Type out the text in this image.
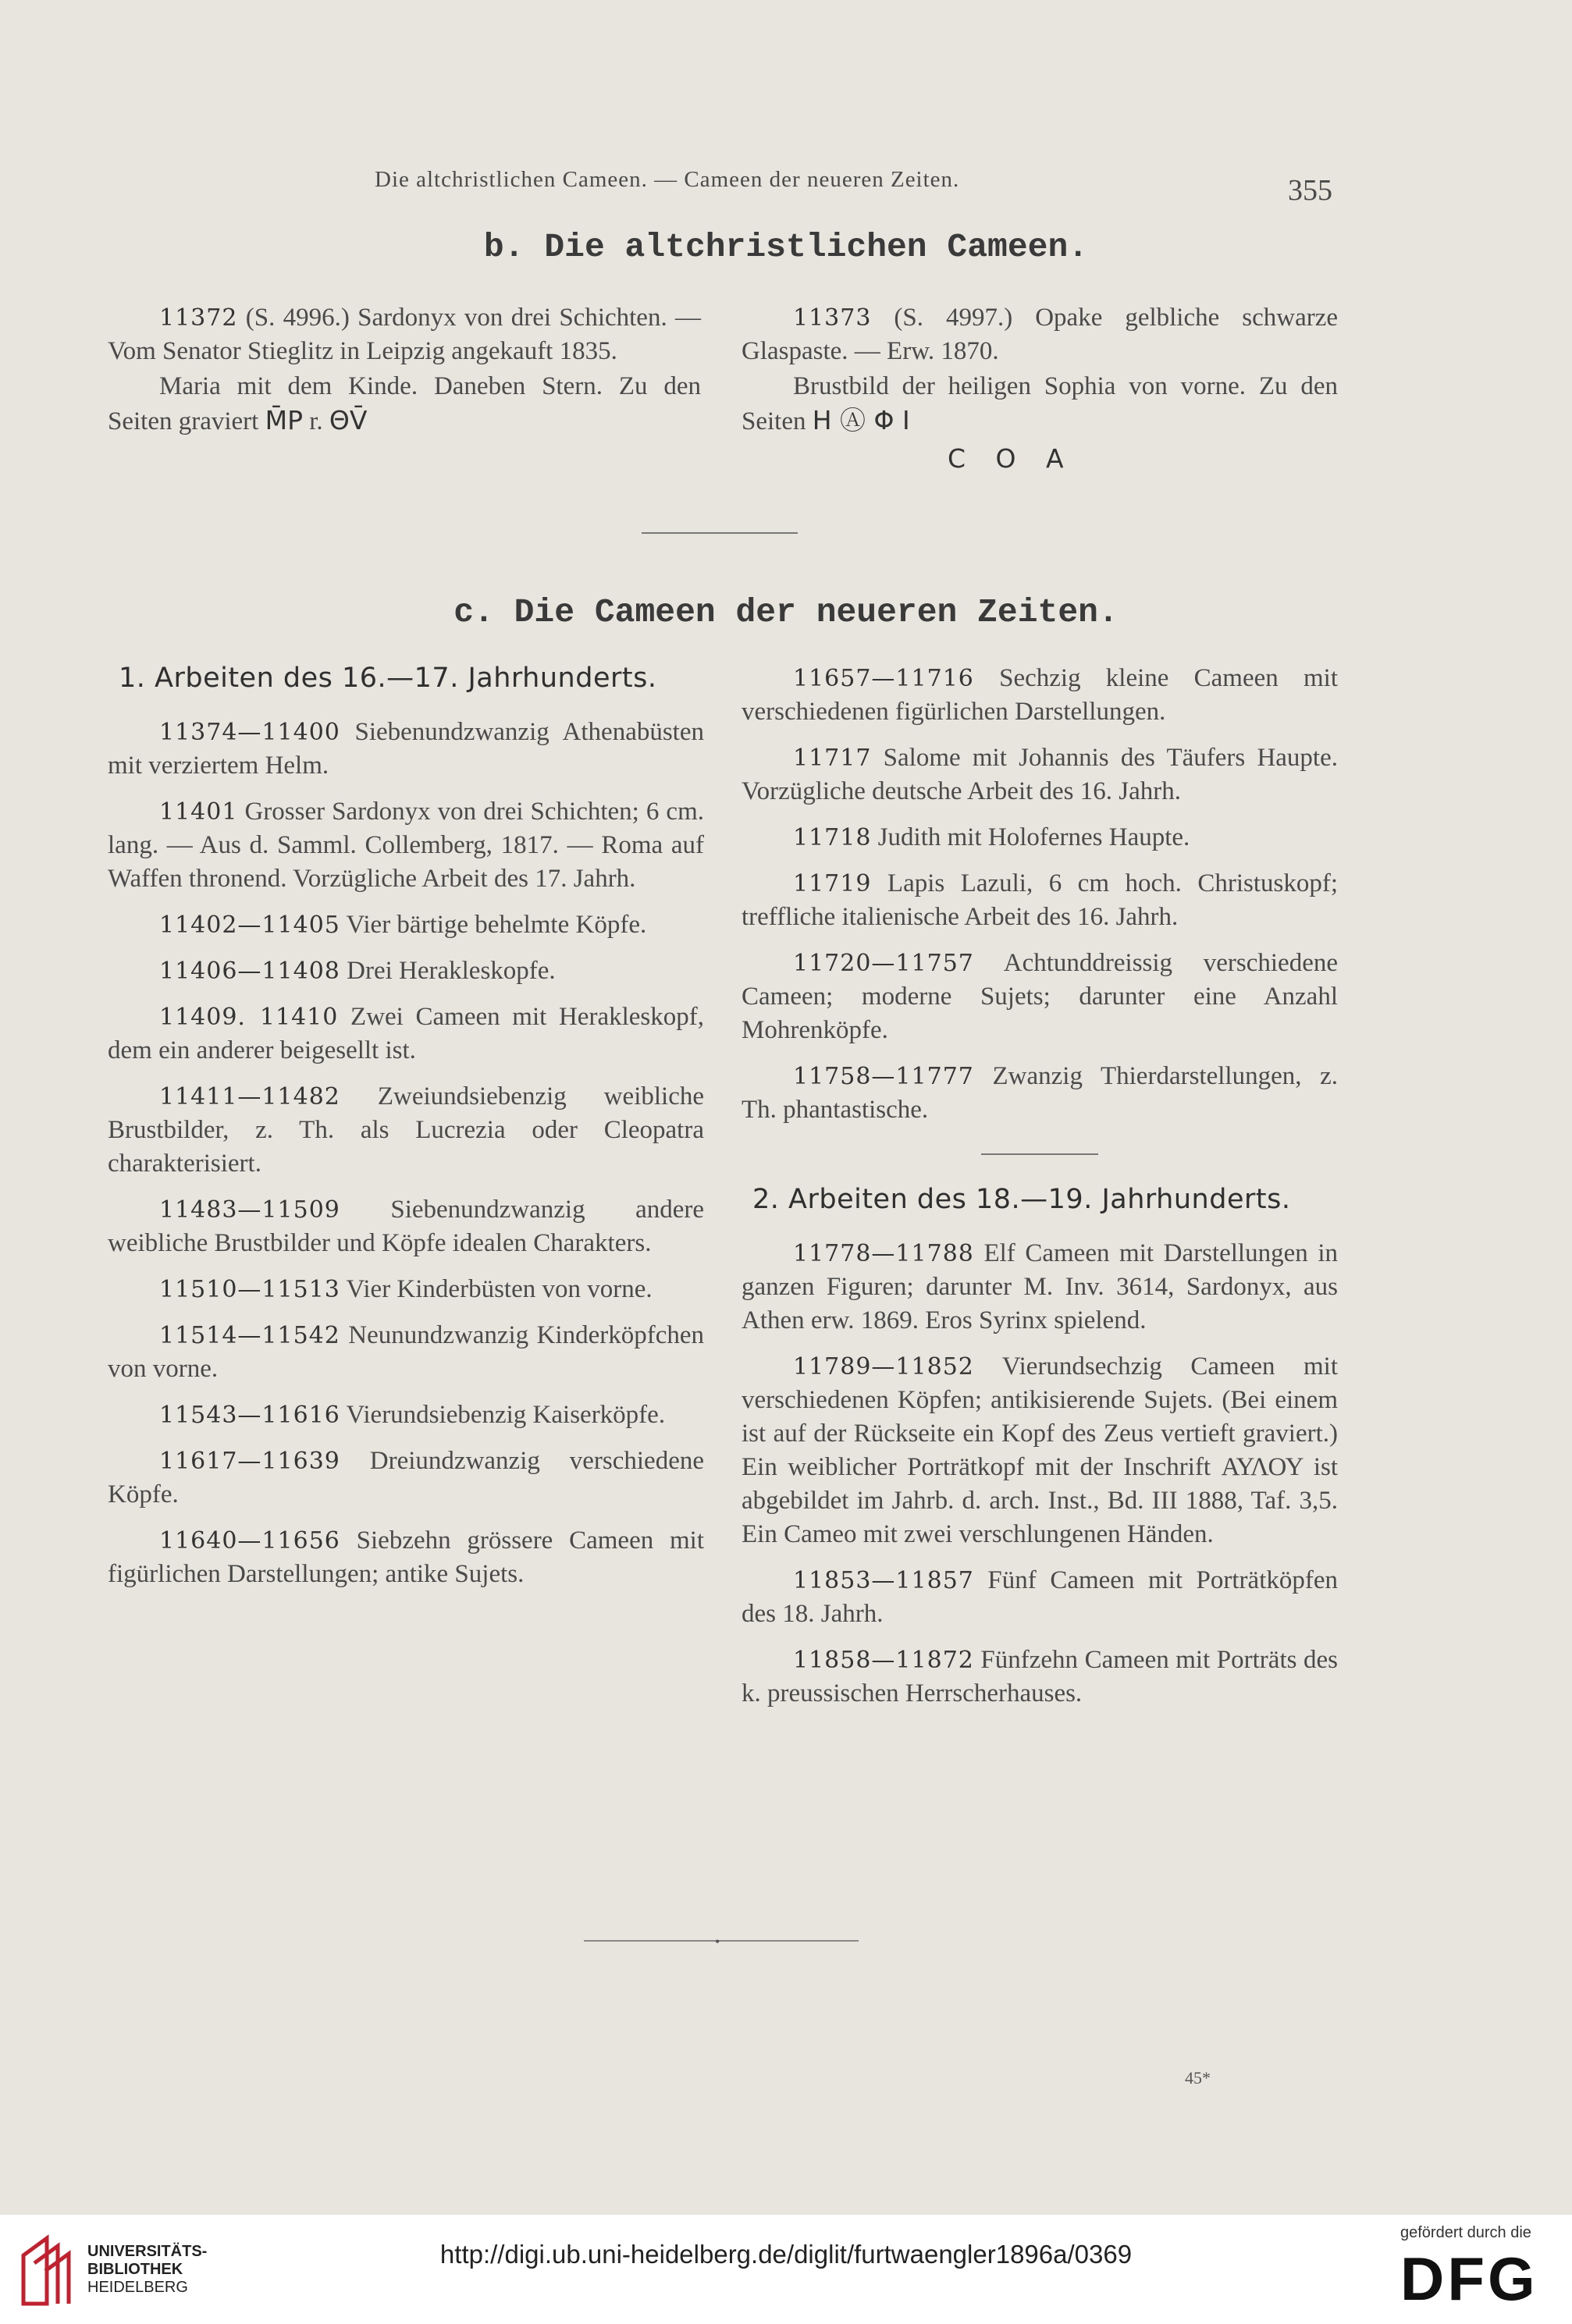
Die altchristlichen Cameen. — Cameen der neueren Zeiten.	355
b. Die altchristlichen Cameen.

11372 (S. 4996.) Sardonyx von drei Schichten. — Vom Senator Stieglitz in Leipzig angekauft 1835.

Maria mit dem Kinde. Daneben Stern. Zu den Seiten graviert M̄P r. ΘV̄

11373 (S. 4997.) Opake gelbliche schwarze Glaspaste. — Erw. 1870.

Brustbild der heiligen Sophia von vorne. Zu den Seiten H Ⓐ Φ I

C O A
c. Die Cameen der neueren Zeiten.

1. Arbeiten des 16.—17. Jahrhunderts.

11374—11400 Siebenundzwanzig Athenabüsten mit verziertem Helm.

11401 Grosser Sardonyx von drei Schichten; 6 cm. lang. — Aus d. Samml. Collemberg, 1817. — Roma auf Waffen thronend. Vorzügliche Arbeit des 17. Jahrh.

11402—11405 Vier bärtige behelmte Köpfe.

11406—11408 Drei Herakleskopfe.

11409. 11410 Zwei Cameen mit Herakleskopf, dem ein anderer beigesellt ist.

11411—11482 Zweiundsiebenzig weibliche Brustbilder, z. Th. als Lucrezia oder Cleopatra charakterisiert.

11483—11509 Siebenundzwanzig andere weibliche Brustbilder und Köpfe idealen Charakters.

11510—11513 Vier Kinderbüsten von vorne.

11514—11542 Neunundzwanzig Kinderköpfchen von vorne.

11543—11616 Vierundsiebenzig Kaiserköpfe.

11617—11639 Dreiundzwanzig verschiedene Köpfe.

11640—11656 Siebzehn grössere Cameen mit figürlichen Darstellungen; antike Sujets.

11657—11716 Sechzig kleine Cameen mit verschiedenen figürlichen Darstellungen.

11717 Salome mit Johannis des Täufers Haupte. Vorzügliche deutsche Arbeit des 16. Jahrh.

11718 Judith mit Holofernes Haupte.

11719 Lapis Lazuli, 6 cm hoch. Christuskopf; treffliche italienische Arbeit des 16. Jahrh.

11720—11757 Achtunddreissig verschiedene Cameen; moderne Sujets; darunter eine Anzahl Mohrenköpfe.

11758—11777 Zwanzig Thierdarstellungen, z. Th. phantastische.

2. Arbeiten des 18.—19. Jahrhunderts.

11778—11788 Elf Cameen mit Darstellungen in ganzen Figuren; darunter M. Inv. 3614, Sardonyx, aus Athen erw. 1869. Eros Syrinx spielend.

11789—11852 Vierundsechzig Cameen mit verschiedenen Köpfen; antikisierende Sujets. (Bei einem ist auf der Rückseite ein Kopf des Zeus vertieft graviert.) Ein weiblicher Porträtkopf mit der Inschrift ΑΥΛΟΥ ist abgebildet im Jahrb. d. arch. Inst., Bd. III 1888, Taf. 3,5. Ein Cameo mit zwei verschlungenen Händen.

11853—11857 Fünf Cameen mit Porträtköpfen des 18. Jahrh.

11858—11872 Fünfzehn Cameen mit Porträts des k. preussischen Herrscherhauses.

•
45*
UNIVERSITÄTS-
BIBLIOTHEK
HEIDELBERG
http://digi.ub.uni-heidelberg.de/diglit/furtwaengler1896a/0369
gefördert durch die
DFG
